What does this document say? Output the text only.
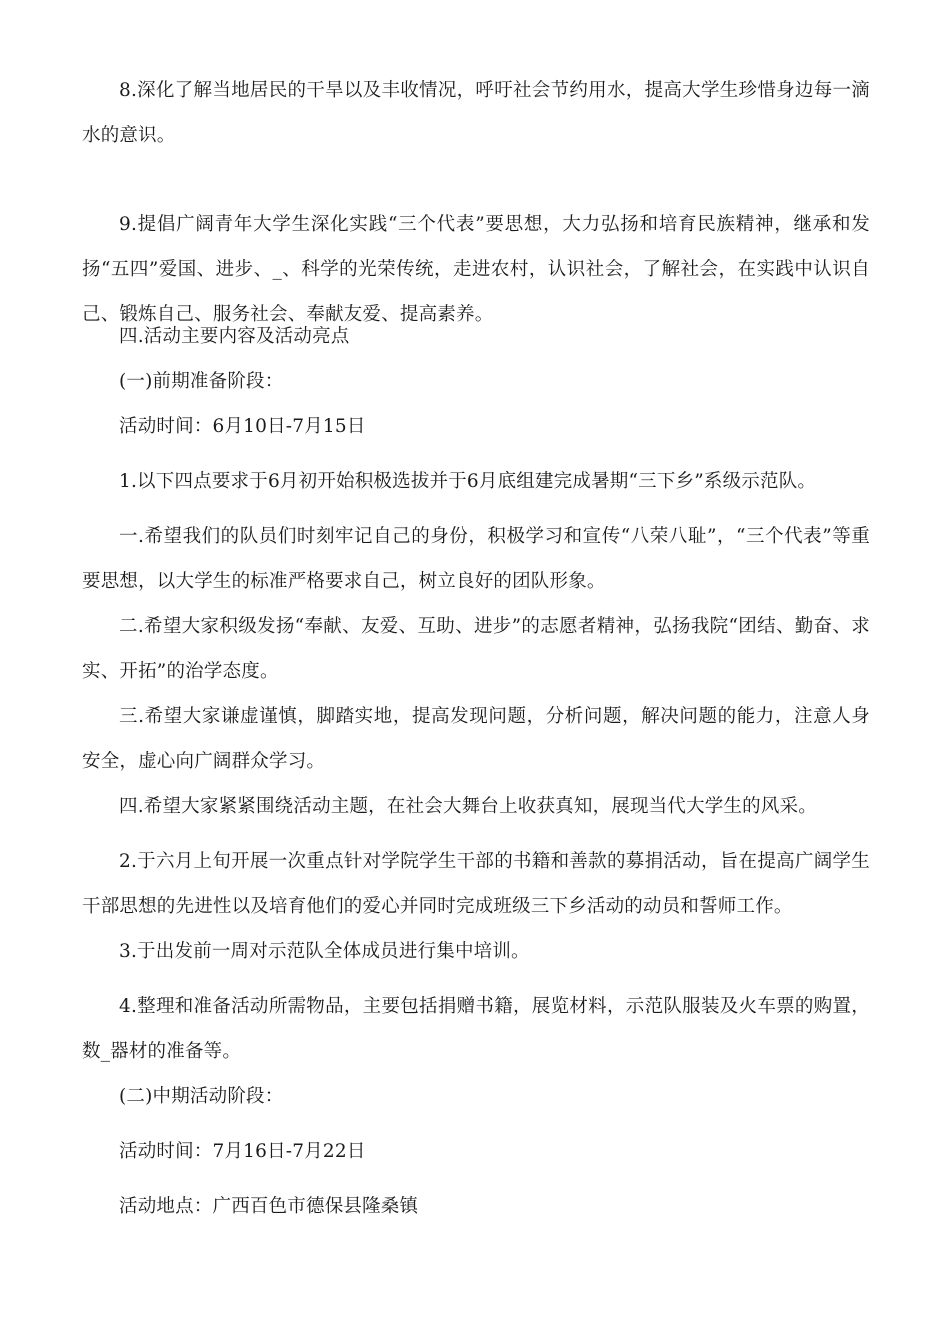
8.深化了解当地居民的干旱以及丰收情况，呼吁社会节约用水，提高大学生珍惜身边每一滴水的意识。

9.提倡广阔青年大学生深化实践“三个代表”要思想，大力弘扬和培育民族精神，继承和发扬“五四”爱国、进步、_、科学的光荣传统，走进农村，认识社会，了解社会，在实践中认识自己、锻炼自己、服务社会、奉献友爱、提高素养。

四.活动主要内容及活动亮点

(一)前期准备阶段：

活动时间：6月10日-7月15日

1.以下四点要求于6月初开始积极选拔并于6月底组建完成暑期“三下乡”系级示范队。

一.希望我们的队员们时刻牢记自己的身份，积极学习和宣传“八荣八耻”，“三个代表”等重要思想，以大学生的标准严格要求自己，树立良好的团队形象。

二.希望大家积级发扬“奉献、友爱、互助、进步”的志愿者精神，弘扬我院“团结、勤奋、求实、开拓”的治学态度。

三.希望大家谦虚谨慎，脚踏实地，提高发现问题，分析问题，解决问题的能力，注意人身安全，虚心向广阔群众学习。

四.希望大家紧紧围绕活动主题，在社会大舞台上收获真知，展现当代大学生的风采。

2.于六月上旬开展一次重点针对学院学生干部的书籍和善款的募捐活动，旨在提高广阔学生干部思想的先进性以及培育他们的爱心并同时完成班级三下乡活动的动员和誓师工作。

3.于出发前一周对示范队全体成员进行集中培训。

4.整理和准备活动所需物品，主要包括捐赠书籍，展览材料，示范队服装及火车票的购置，数_器材的准备等。

(二)中期活动阶段：

活动时间：7月16日-7月22日

活动地点：广西百色市德保县隆桑镇
